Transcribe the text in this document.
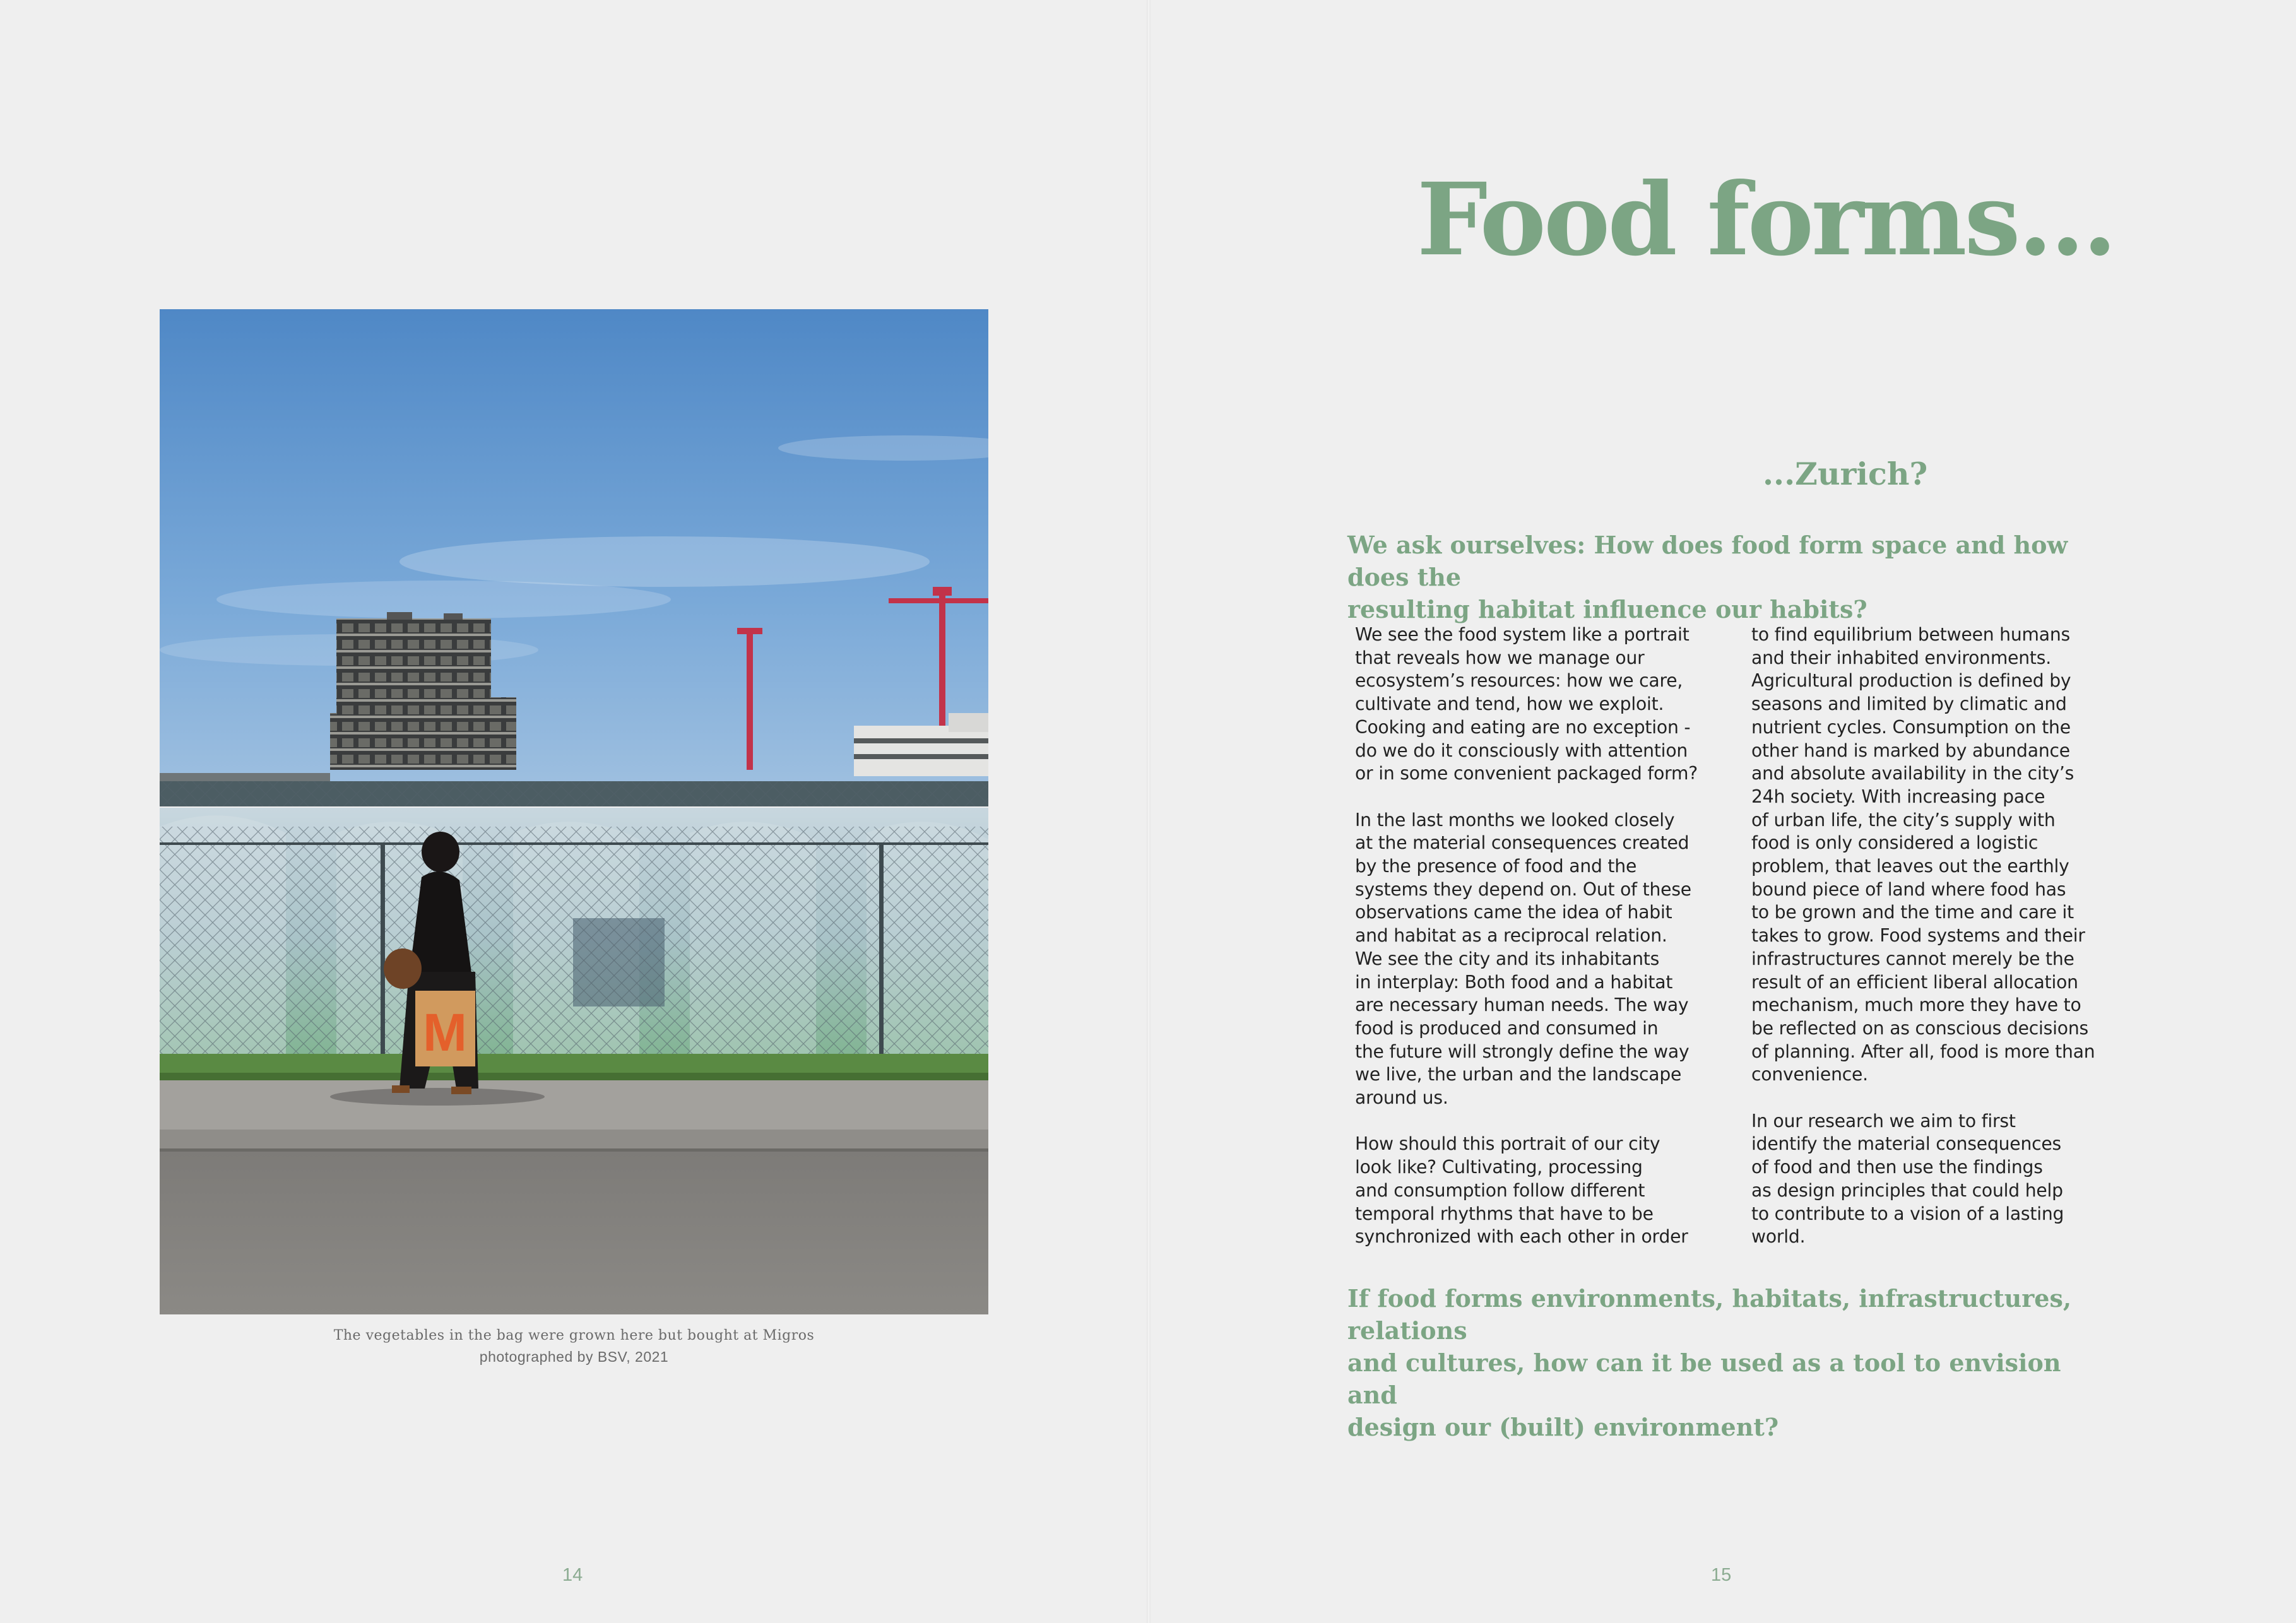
M
The vegetables in the bag were grown here but bought at Migros
photographed by BSV, 2021
14
Food forms...
...Zurich?
We ask ourselves: How does food form space and how does the
resulting habitat influence our habits?
We see the food system like a portrait
that reveals how we manage our
ecosystem’s resources: how we care,
cultivate and tend, how we exploit.
Cooking and eating are no exception -
do we do it consciously with attention
or in some convenient packaged form?
In the last months we looked closely
at the material consequences created
by the presence of food and the
systems they depend on. Out of these
observations came the idea of habit
and habitat as a reciprocal relation.
We see the city and its inhabitants
in interplay: Both food and a habitat
are necessary human needs. The way
food is produced and consumed in
the future will strongly define the way
we live, the urban and the landscape
around us.
How should this portrait of our city
look like? Cultivating, processing
and consumption follow different
temporal rhythms that have to be
synchronized with each other in order
to find equilibrium between humans
and their inhabited environments.
Agricultural production is defined by
seasons and limited by climatic and
nutrient cycles. Consumption on the
other hand is marked by abundance
and absolute availability in the city’s
24h society. With increasing pace
of urban life, the city’s supply with
food is only considered a logistic
problem, that leaves out the earthly
bound piece of land where food has
to be grown and the time and care it
takes to grow. Food systems and their
infrastructures cannot merely be the
result of an efficient liberal allocation
mechanism, much more they have to
be reflected on as conscious decisions
of planning. After all, food is more than
convenience.
In our research we aim to first
identify the material consequences
of food and then use the findings
as design principles that could help
to contribute to a vision of a lasting
world.
If food forms environments, habitats, infrastructures, relations
and cultures, how can it be used as a tool to envision and
design our (built) environment?
15
